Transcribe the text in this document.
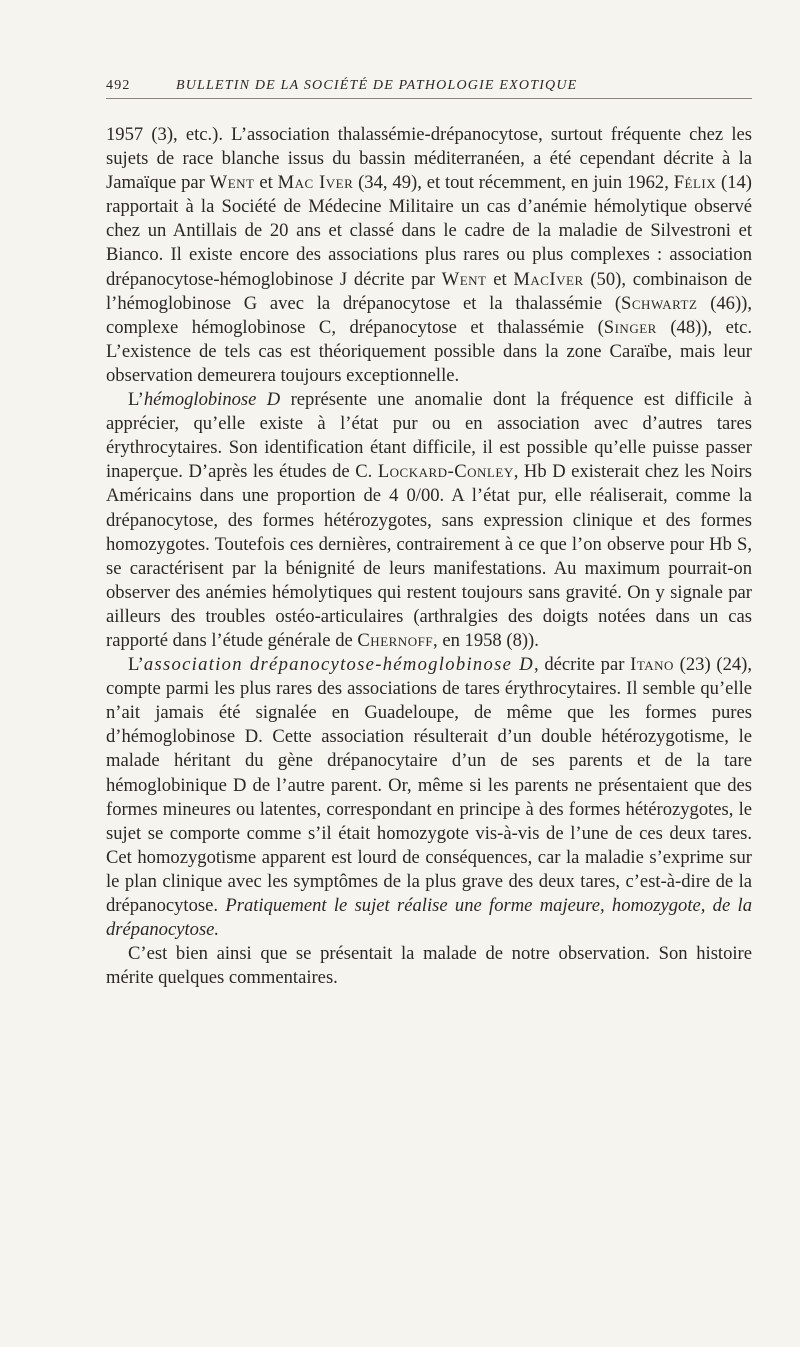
492	BULLETIN DE LA SOCIÉTÉ DE PATHOLOGIE EXOTIQUE

1957 (3), etc.). L’association thalassémie-drépanocytose, surtout fréquente chez les sujets de race blanche issus du bassin méditerranéen, a été cependant décrite à la Jamaïque par Went et Mac Iver (34, 49), et tout récemment, en juin 1962, Félix (14) rapportait à la Société de Médecine Militaire un cas d’anémie hémolytique observé chez un Antillais de 20 ans et classé dans le cadre de la maladie de Silvestroni et Bianco. Il existe encore des associations plus rares ou plus complexes : association drépanocytose-hémoglobinose J décrite par Went et MacIver (50), combinaison de l’hémoglobinose G avec la drépanocytose et la thalassémie (Schwartz (46)), complexe hémoglobinose C, drépanocytose et thalassémie (Singer (48)), etc. L’existence de tels cas est théoriquement possible dans la zone Caraïbe, mais leur observation demeurera toujours exceptionnelle.

L’hémoglobinose D représente une anomalie dont la fréquence est difficile à apprécier, qu’elle existe à l’état pur ou en association avec d’autres tares érythrocytaires. Son identification étant difficile, il est possible qu’elle puisse passer inaperçue. D’après les études de C. Lockard-Conley, Hb D existerait chez les Noirs Américains dans une proportion de 4 0/00. A l’état pur, elle réaliserait, comme la drépanocytose, des formes hétérozygotes, sans expression clinique et des formes homozygotes. Toutefois ces dernières, contrairement à ce que l’on observe pour Hb S, se caractérisent par la bénignité de leurs manifestations. Au maximum pourrait-on observer des anémies hémolytiques qui restent toujours sans gravité. On y signale par ailleurs des troubles ostéo-articulaires (arthralgies des doigts notées dans un cas rapporté dans l’étude générale de Chernoff, en 1958 (8)).

L’association drépanocytose-hémoglobinose D, décrite par Itano (23) (24), compte parmi les plus rares des associations de tares érythrocytaires. Il semble qu’elle n’ait jamais été signalée en Guadeloupe, de même que les formes pures d’hémoglobinose D. Cette association résulterait d’un double hétérozygotisme, le malade héritant du gène drépanocytaire d’un de ses parents et de la tare hémoglobinique D de l’autre parent. Or, même si les parents ne présentaient que des formes mineures ou latentes, correspondant en principe à des formes hétérozygotes, le sujet se comporte comme s’il était homozygote vis-à-vis de l’une de ces deux tares. Cet homozygotisme apparent est lourd de conséquences, car la maladie s’exprime sur le plan clinique avec les symptômes de la plus grave des deux tares, c’est-à-dire de la drépanocytose. Pratiquement le sujet réalise une forme majeure, homozygote, de la drépanocytose.

C’est bien ainsi que se présentait la malade de notre observation. Son histoire mérite quelques commentaires.
